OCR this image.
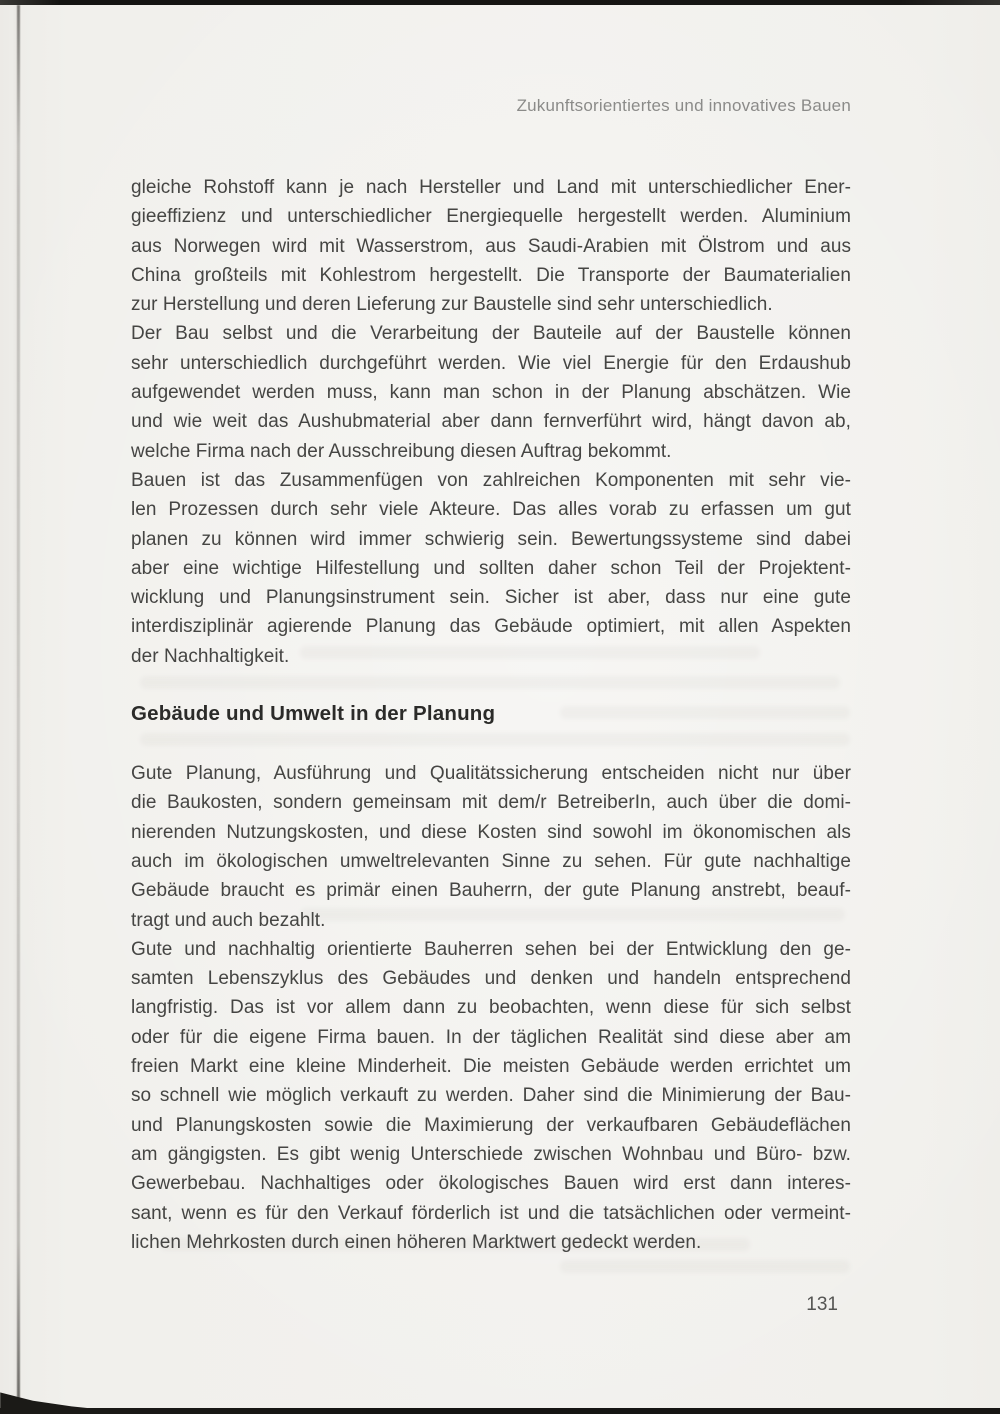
Zukunftsorientiertes und innovatives Bauen
gleiche Rohstoff kann je nach Hersteller und Land mit unterschiedlicher Ener-
gieeffizienz und unterschiedlicher Energiequelle hergestellt werden. Aluminium
aus Norwegen wird mit Wasserstrom, aus Saudi-Arabien mit Ölstrom und aus
China großteils mit Kohlestrom hergestellt. Die Transporte der Baumaterialien
zur Herstellung und deren Lieferung zur Baustelle sind sehr unterschiedlich.
Der Bau selbst und die Verarbeitung der Bauteile auf der Baustelle können
sehr unterschiedlich durchgeführt werden. Wie viel Energie für den Erdaushub
aufgewendet werden muss, kann man schon in der Planung abschätzen. Wie
und wie weit das Aushubmaterial aber dann fernverführt wird, hängt davon ab,
welche Firma nach der Ausschreibung diesen Auftrag bekommt.
Bauen ist das Zusammenfügen von zahlreichen Komponenten mit sehr vie-
len Prozessen durch sehr viele Akteure. Das alles vorab zu erfassen um gut
planen zu können wird immer schwierig sein. Bewertungssysteme sind dabei
aber eine wichtige Hilfestellung und sollten daher schon Teil der Projektent-
wicklung und Planungsinstrument sein. Sicher ist aber, dass nur eine gute
interdisziplinär agierende Planung das Gebäude optimiert, mit allen Aspekten
der Nachhaltigkeit.
Gebäude und Umwelt in der Planung
Gute Planung, Ausführung und Qualitätssicherung entscheiden nicht nur über
die Baukosten, sondern gemeinsam mit dem/r BetreiberIn, auch über die domi-
nierenden Nutzungskosten, und diese Kosten sind sowohl im ökonomischen als
auch im ökologischen umweltrelevanten Sinne zu sehen. Für gute nachhaltige
Gebäude braucht es primär einen Bauherrn, der gute Planung anstrebt, beauf-
tragt und auch bezahlt.
Gute und nachhaltig orientierte Bauherren sehen bei der Entwicklung den ge-
samten Lebenszyklus des Gebäudes und denken und handeln entsprechend
langfristig. Das ist vor allem dann zu beobachten, wenn diese für sich selbst
oder für die eigene Firma bauen. In der täglichen Realität sind diese aber am
freien Markt eine kleine Minderheit. Die meisten Gebäude werden errichtet um
so schnell wie möglich verkauft zu werden. Daher sind die Minimierung der Bau-
und Planungskosten sowie die Maximierung der verkaufbaren Gebäudeflächen
am gängigsten. Es gibt wenig Unterschiede zwischen Wohnbau und Büro- bzw.
Gewerbebau. Nachhaltiges oder ökologisches Bauen wird erst dann interes-
sant, wenn es für den Verkauf förderlich ist und die tatsächlichen oder vermeint-
lichen Mehrkosten durch einen höheren Marktwert gedeckt werden.
131
